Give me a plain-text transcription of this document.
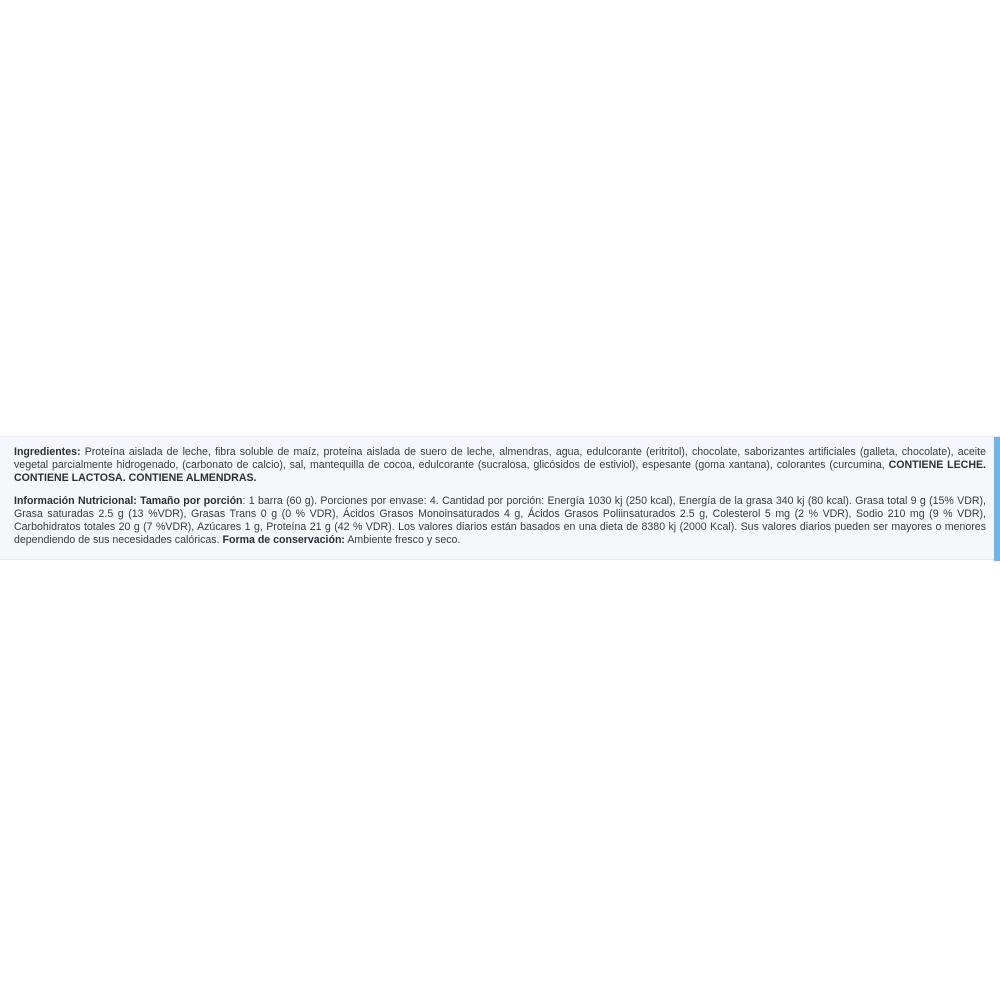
Ingredientes: Proteína aislada de leche, fibra soluble de maíz, proteína aislada de suero de leche, almendras, agua, edulcorante (eritritol), chocolate, saborizantes artificiales (galleta, chocolate), aceite vegetal parcialmente hidrogenado, (carbonato de calcio), sal, mantequilla de cocoa, edulcorante (sucralosa, glicósidos de estiviol), espesante (goma xantana), colorantes (curcumina, CONTIENE LECHE. CONTIENE LACTOSA. CONTIENE ALMENDRAS.

Información Nutricional: Tamaño por porción: 1 barra (60 g). Porciones por envase: 4. Cantidad por porción: Energía 1030 kj (250 kcal), Energía de la grasa 340 kj (80 kcal). Grasa total 9 g (15% VDR), Grasa saturadas 2.5 g (13 %VDR), Grasas Trans 0 g (0 % VDR), Ácidos Grasos Monoinsaturados 4 g, Ácidos Grasos Poliinsaturados 2.5 g, Colesterol 5 mg (2 % VDR), Sodio 210 mg (9 % VDR), Carbohidratos totales 20 g (7 %VDR), Azúcares 1 g, Proteína 21 g (42 % VDR). Los valores diarios están basados en una dieta de 8380 kj (2000 Kcal). Sus valores diarios pueden ser mayores o menores dependiendo de sus necesidades calóricas. Forma de conservación: Ambiente fresco y seco.
